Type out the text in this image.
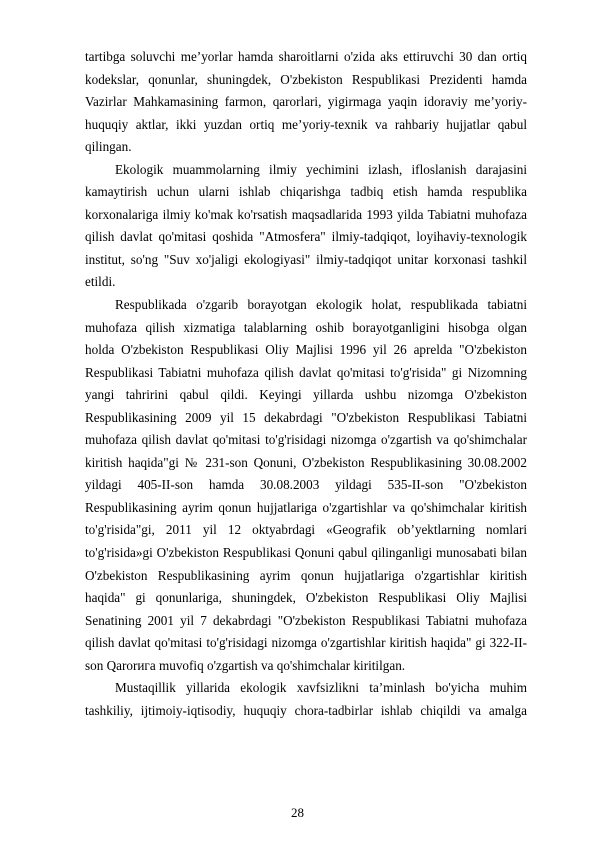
tartibga soluvchi me’yorlar hamda sharoitlarni o'zida aks ettiruvchi 30 dan ortiq
kodekslar, qonunlar, shuningdek, O'zbekiston Respublikasi Prezidenti hamda
Vazirlar Mahkamasining farmon, qarorlari, yigirmaga yaqin idoraviy me’yoriy-
huquqiy aktlar, ikki yuzdan ortiq me’yoriy-texnik va rahbariy hujjatlar qabul
qilingan.
Ekologik muammolarning ilmiy yechimini izlash, ifloslanish darajasini
kamaytirish uchun ularni ishlab chiqarishga tadbiq etish hamda respublika
korxonalariga ilmiy ko'mak ko'rsatish maqsadlarida 1993 yilda Tabiatni muhofaza
qilish davlat qo'mitasi qoshida "Atmosfera" ilmiy-tadqiqot, loyihaviy-texnologik
institut, so'ng "Suv xo'jaligi ekologiyasi" ilmiy-tadqiqot unitar korxonasi tashkil
etildi.
Respublikada o'zgarib borayotgan ekologik holat, respublikada tabiatni
muhofaza qilish xizmatiga talablarning oshib borayotganligini hisobga olgan
holda O'zbekiston Respublikasi Oliy Majlisi 1996 yil 26 aprelda "O'zbekiston
Respublikasi Tabiatni muhofaza qilish davlat qo'mitasi to'g'risida" gi Nizomning
yangi tahririni qabul qildi. Keyingi yillarda ushbu nizomga O'zbekiston
Respublikasining 2009 yil 15 dekabrdagi "O'zbekiston Respublikasi Tabiatni
muhofaza qilish davlat qo'mitasi to'g'risidagi nizomga o'zgartish va qo'shimchalar
kiritish haqida"gi № 231-son Qonuni, O'zbekiston Respublikasining 30.08.2002
yildagi 405-II-son hamda 30.08.2003 yildagi 535-II-son "O'zbekiston
Respublikasining ayrim qonun hujjatlariga o'zgartishlar va qo'shimchalar kiritish
to'g'risida"gi, 2011 yil 12 oktyabrdagi «Geografik ob’yektlarning nomlari
to'g'risida»gi O'zbekiston Respublikasi Qonuni qabul qilinganligi munosabati bilan
O'zbekiston Respublikasining ayrim qonun hujjatlariga o'zgartishlar kiritish
haqida" gi qonunlariga, shuningdek, O'zbekiston Respublikasi Oliy Majlisi
Senatining 2001 yil 7 dekabrdagi "O'zbekiston Respublikasi Tabiatni muhofaza
qilish davlat qo'mitasi to'g'risidagi nizomga o'zgartishlar kiritish haqida" gi 322-II-
son Qarorига muvofiq o'zgartish va qo'shimchalar kiritilgan.
Mustaqillik yillarida ekologik xavfsizlikni ta’minlash bo'yicha muhim
tashkiliy, ijtimoiy-iqtisodiy, huquqiy chora-tadbirlar ishlab chiqildi va amalga
28
